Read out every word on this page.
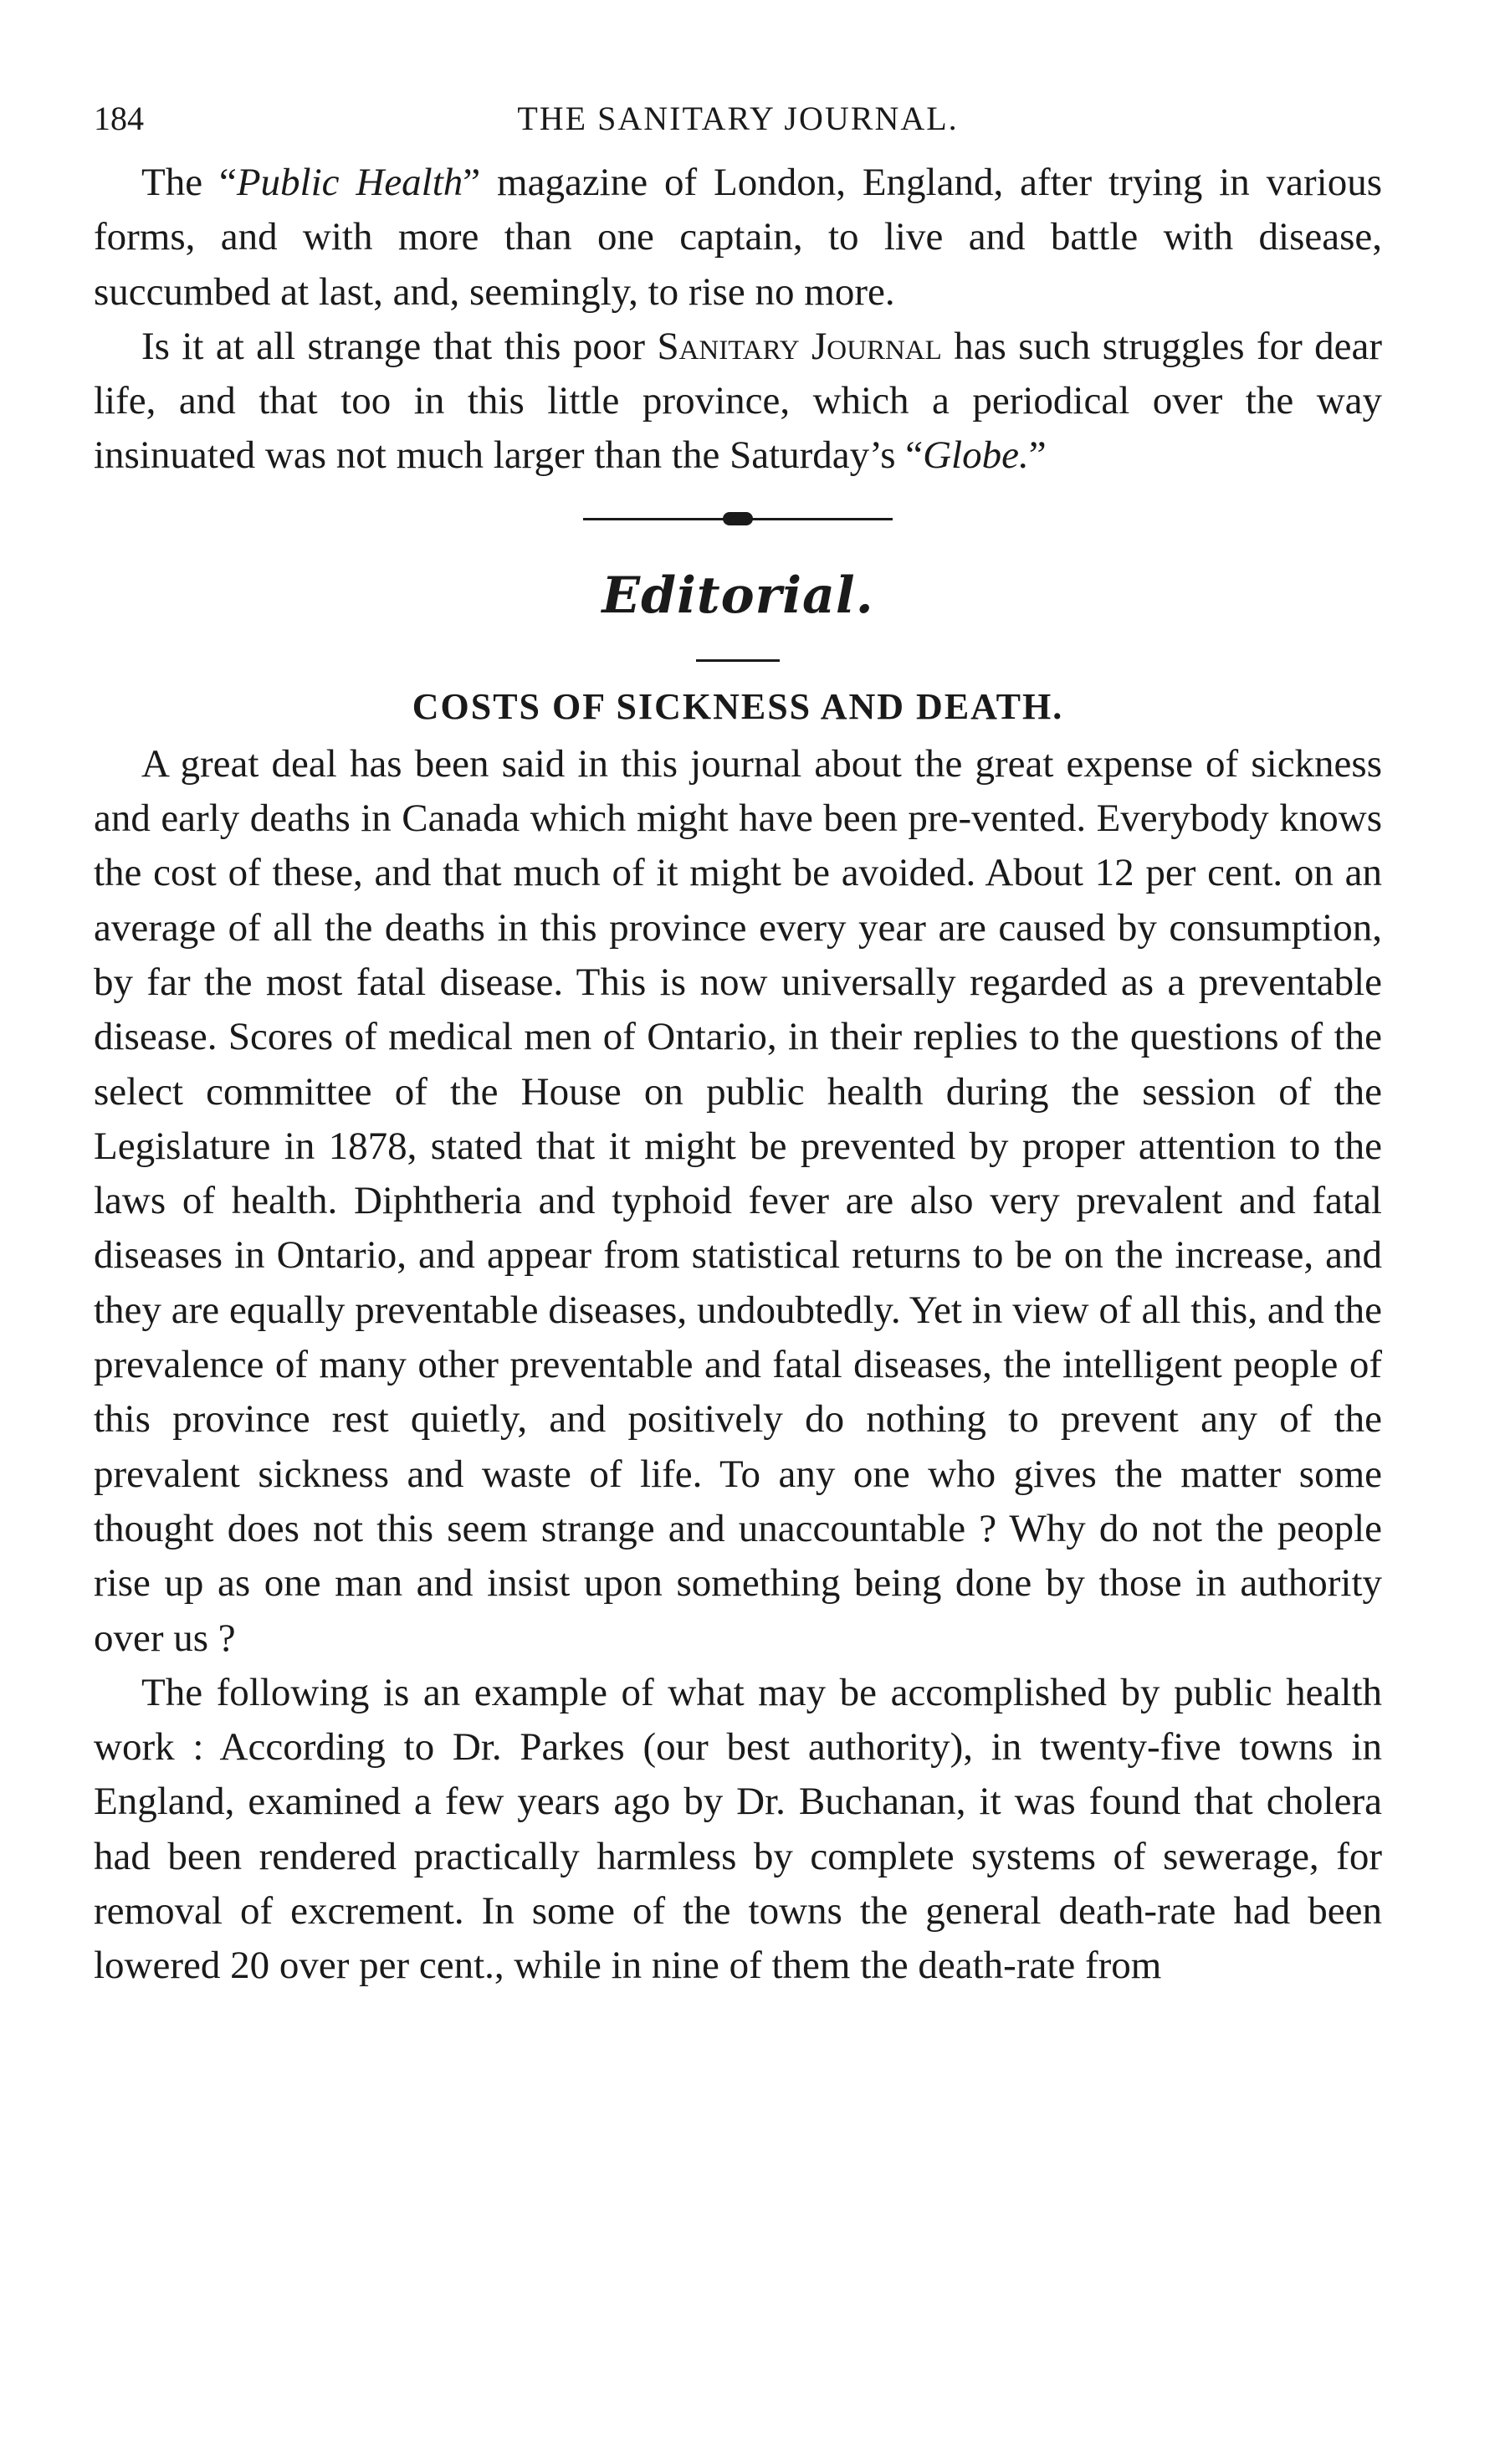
184	THE SANITARY JOURNAL.

The “Public Health” magazine of London, England, after trying in various forms, and with more than one captain, to live and battle with disease, succumbed at last, and, seemingly, to rise no more.

Is it at all strange that this poor Sanitary Journal has such struggles for dear life, and that too in this little province, which a periodical over the way insinuated was not much larger than the Saturday’s “Globe.”

Editorial.
COSTS OF SICKNESS AND DEATH.

A great deal has been said in this journal about the great expense of sickness and early deaths in Canada which might have been pre-vented. Everybody knows the cost of these, and that much of it might be avoided. About 12 per cent. on an average of all the deaths in this province every year are caused by consumption, by far the most fatal disease. This is now universally regarded as a preventable disease. Scores of medical men of Ontario, in their replies to the questions of the select committee of the House on public health during the session of the Legislature in 1878, stated that it might be prevented by proper attention to the laws of health. Diphtheria and typhoid fever are also very prevalent and fatal diseases in Ontario, and appear from statistical returns to be on the increase, and they are equally preventable diseases, undoubtedly. Yet in view of all this, and the prevalence of many other preventable and fatal diseases, the intelligent people of this province rest quietly, and positively do nothing to prevent any of the prevalent sickness and waste of life. To any one who gives the matter some thought does not this seem strange and unaccountable ? Why do not the people rise up as one man and insist upon something being done by those in authority over us ?

The following is an example of what may be accomplished by public health work : According to Dr. Parkes (our best authority), in twenty-five towns in England, examined a few years ago by Dr. Buchanan, it was found that cholera had been rendered practically harmless by complete systems of sewerage, for removal of excrement. In some of the towns the general death-rate had been lowered 20 over per cent., while in nine of them the death-rate from
